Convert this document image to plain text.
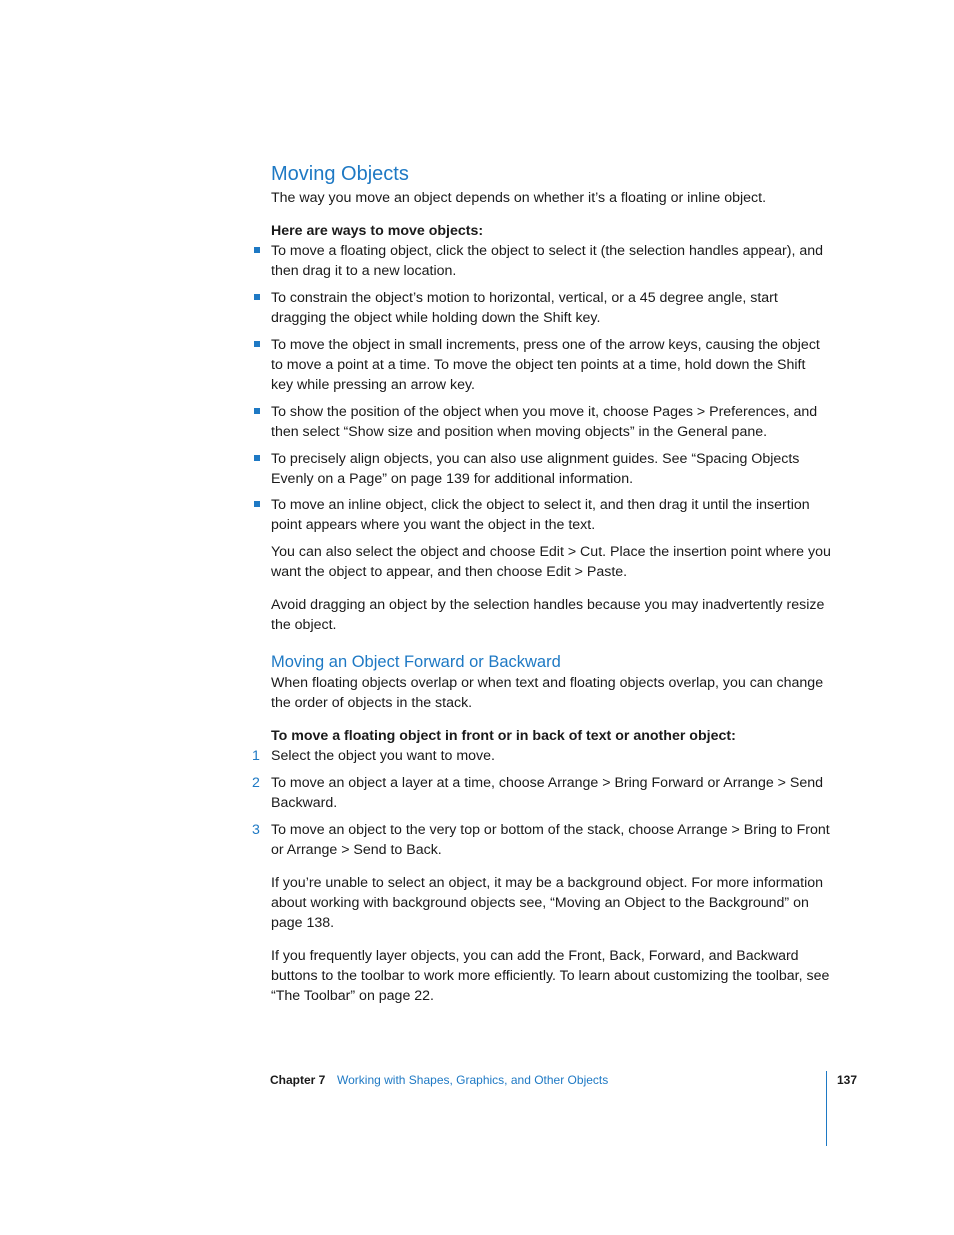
Moving Objects

The way you move an object depends on whether it’s a floating or inline object.

Here are ways to move objects:

To move a floating object, click the object to select it (the selection handles appear), and then drag it to a new location.

To constrain the object’s motion to horizontal, vertical, or a 45 degree angle, start dragging the object while holding down the Shift key.

To move the object in small increments, press one of the arrow keys, causing the object to move a point at a time. To move the object ten points at a time, hold down the Shift key while pressing an arrow key.

To show the position of the object when you move it, choose Pages > Preferences, and then select “Show size and position when moving objects” in the General pane.

To precisely align objects, you can also use alignment guides. See “Spacing Objects Evenly on a Page” on page 139 for additional information.

To move an inline object, click the object to select it, and then drag it until the insertion point appears where you want the object in the text.

You can also select the object and choose Edit > Cut. Place the insertion point where you want the object to appear, and then choose Edit > Paste.

Avoid dragging an object by the selection handles because you may inadvertently resize the object.

Moving an Object Forward or Backward

When floating objects overlap or when text and floating objects overlap, you can change the order of objects in the stack.

To move a floating object in front or in back of text or another object:

1 Select the object you want to move.

2 To move an object a layer at a time, choose Arrange > Bring Forward or Arrange > Send Backward.

3 To move an object to the very top or bottom of the stack, choose Arrange > Bring to Front or Arrange > Send to Back.

If you’re unable to select an object, it may be a background object. For more information about working with background objects see, “Moving an Object to the Background” on page 138.

If you frequently layer objects, you can add the Front, Back, Forward, and Backward buttons to the toolbar to work more efficiently. To learn about customizing the toolbar, see “The Toolbar” on page 22.

Chapter 7 Working with Shapes, Graphics, and Other Objects	137
